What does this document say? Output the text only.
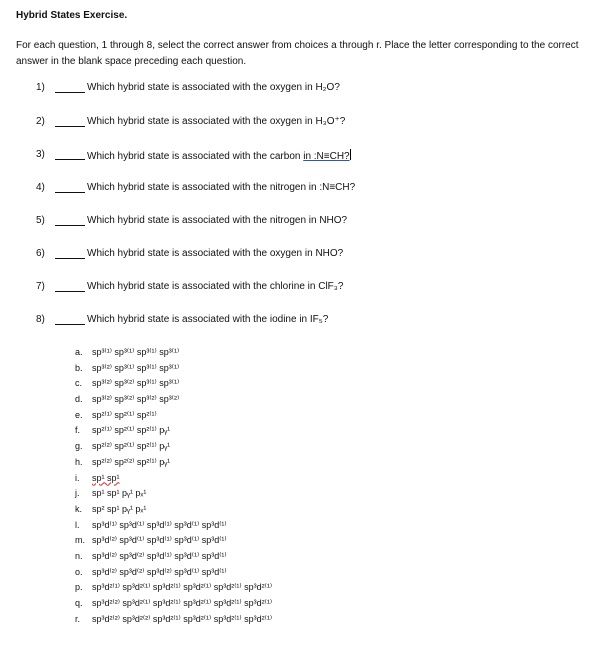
Hybrid States Exercise.
For each question, 1 through 8, select the correct answer from choices a through r. Place the letter corresponding to the correct answer in the blank space preceding each question.
1)	Which hybrid state is associated with the oxygen in H₂O?
2)	Which hybrid state is associated with the oxygen in H₃O⁺?
3)	Which hybrid state is associated with the carbon in :N≡CH?
4)	Which hybrid state is associated with the nitrogen in :N≡CH?
5)	Which hybrid state is associated with the nitrogen in NHO?
6)	Which hybrid state is associated with the oxygen in NHO?
7)	Which hybrid state is associated with the chlorine in ClF₃?
8)	Which hybrid state is associated with the iodine in IF₅?
a. sp³⁽¹⁾ sp³⁽¹⁾ sp³⁽¹⁾ sp³⁽¹⁾
b. sp³⁽²⁾ sp³⁽¹⁾ sp³⁽¹⁾ sp³⁽¹⁾
c. sp³⁽²⁾ sp³⁽²⁾ sp³⁽¹⁾ sp³⁽¹⁾
d. sp³⁽²⁾ sp³⁽²⁾ sp³⁽²⁾ sp³⁽²⁾
e. sp²⁽¹⁾ sp²⁽¹⁾ sp²⁽¹⁾
f. sp²⁽¹⁾ sp²⁽¹⁾ sp²⁽¹⁾ pᵧ¹
g. sp²⁽²⁾ sp²⁽¹⁾ sp²⁽¹⁾ pᵧ¹
h. sp²⁽²⁾ sp²⁽²⁾ sp²⁽¹⁾ pᵧ¹
i. sp¹ sp¹
j. sp¹ sp¹ pᵧ¹ pₓ¹
k. sp² sp¹ pᵧ¹ pₓ¹
l. sp³d⁽¹⁾ sp³d⁽¹⁾ sp³d⁽¹⁾ sp³d⁽¹⁾ sp³d⁽¹⁾
m. sp³d⁽²⁾ sp³d⁽¹⁾ sp³d⁽¹⁾ sp³d⁽¹⁾ sp³d⁽¹⁾
n. sp³d⁽²⁾ sp³d⁽²⁾ sp³d⁽¹⁾ sp³d⁽¹⁾ sp³d⁽¹⁾
o. sp³d⁽²⁾ sp³d⁽²⁾ sp³d⁽²⁾ sp³d⁽¹⁾ sp³d⁽¹⁾
p. sp³d²⁽¹⁾ sp³d²⁽¹⁾ sp³d²⁽¹⁾ sp³d²⁽¹⁾ sp³d²⁽¹⁾ sp³d²⁽¹⁾
q. sp³d²⁽²⁾ sp³d²⁽¹⁾ sp³d²⁽¹⁾ sp³d²⁽¹⁾ sp³d²⁽¹⁾ sp³d²⁽¹⁾
r. sp³d²⁽²⁾ sp³d²⁽²⁾ sp³d²⁽¹⁾ sp³d²⁽¹⁾ sp³d²⁽¹⁾ sp³d²⁽¹⁾
